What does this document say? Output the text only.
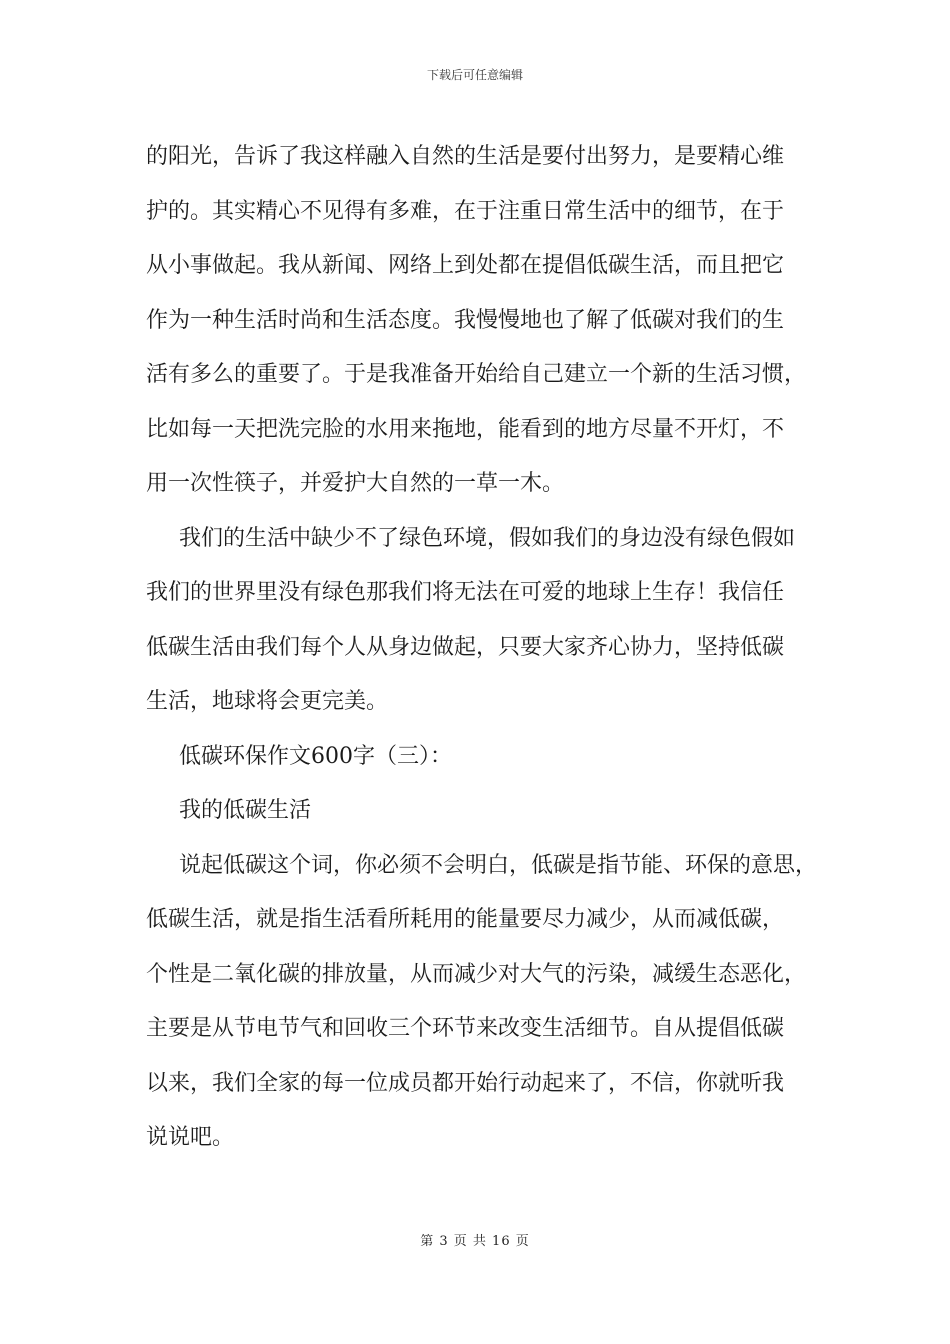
下载后可任意编辑
的阳光，告诉了我这样融入自然的生活是要付出努力，是要精心维
护的。其实精心不见得有多难，在于注重日常生活中的细节，在于
从小事做起。我从新闻、网络上到处都在提倡低碳生活，而且把它
作为一种生活时尚和生活态度。我慢慢地也了解了低碳对我们的生
活有多么的重要了。于是我准备开始给自己建立一个新的生活习惯，
比如每一天把洗完脸的水用来拖地，能看到的地方尽量不开灯，不
用一次性筷子，并爱护大自然的一草一木。
我们的生活中缺少不了绿色环境，假如我们的身边没有绿色假如
我们的世界里没有绿色那我们将无法在可爱的地球上生存！我信任
低碳生活由我们每个人从身边做起，只要大家齐心协力，坚持低碳
生活，地球将会更完美。
低碳环保作文600字（三）：
我的低碳生活
说起低碳这个词，你必须不会明白，低碳是指节能、环保的意思，
低碳生活，就是指生活看所耗用的能量要尽力减少，从而减低碳，
个性是二氧化碳的排放量，从而减少对大气的污染，减缓生态恶化，
主要是从节电节气和回收三个环节来改变生活细节。自从提倡低碳
以来，我们全家的每一位成员都开始行动起来了，不信，你就听我
说说吧。
第 3 页 共 16 页
